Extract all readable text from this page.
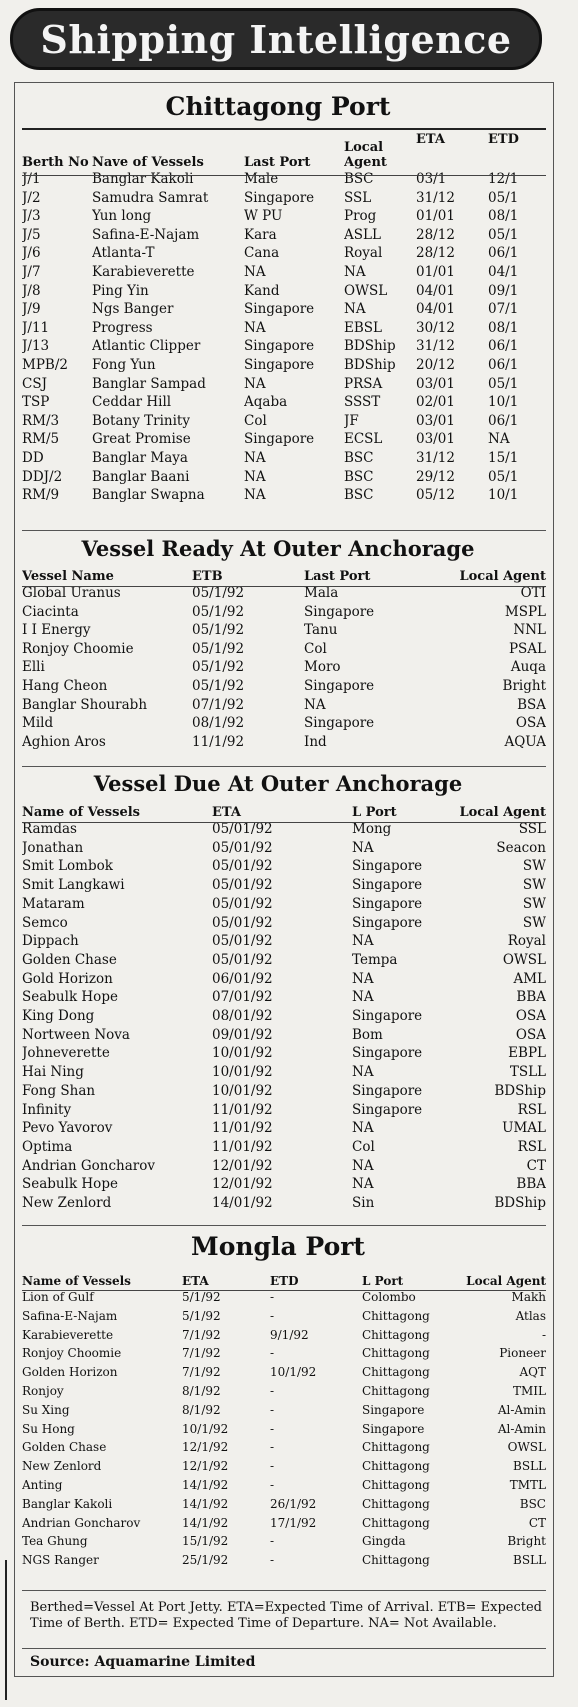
Shipping Intelligence
Chittagong Port
Berth No	Nave of Vessels	Last Port	Local Agent	ETA	ETD
J/1	Banglar Kakoli	Male	BSC	03/1	12/1
J/2	Samudra Samrat	Singapore	SSL	31/12	05/1
J/3	Yun long	W PU	Prog	01/01	08/1
J/5	Safina-E-Najam	Kara	ASLL	28/12	05/1
J/6	Atlanta-T	Cana	Royal	28/12	06/1
J/7	Karabieverette	NA	NA	01/01	04/1
J/8	Ping Yin	Kand	OWSL	04/01	09/1
J/9	Ngs Banger	Singapore	NA	04/01	07/1
J/11	Progress	NA	EBSL	30/12	08/1
J/13	Atlantic Clipper	Singapore	BDShip	31/12	06/1
MPB/2	Fong Yun	Singapore	BDShip	20/12	06/1
CSJ	Banglar Sampad	NA	PRSA	03/01	05/1
TSP	Ceddar Hill	Aqaba	SSST	02/01	10/1
RM/3	Botany Trinity	Col	JF	03/01	06/1
RM/5	Great Promise	Singapore	ECSL	03/01	NA
DD	Banglar Maya	NA	BSC	31/12	15/1
DDJ/2	Banglar Baani	NA	BSC	29/12	05/1
RM/9	Banglar Swapna	NA	BSC	05/12	10/1
Vessel Ready At Outer Anchorage
Vessel Name	ETB	Last Port	Local Agent
Global Uranus	05/1/92	Mala	OTI
Ciacinta	05/1/92	Singapore	MSPL
I I Energy	05/1/92	Tanu	NNL
Ronjoy Choomie	05/1/92	Col	PSAL
Elli	05/1/92	Moro	Auqa
Hang Cheon	05/1/92	Singapore	Bright
Banglar Shourabh	07/1/92	NA	BSA
Mild	08/1/92	Singapore	OSA
Aghion Aros	11/1/92	Ind	AQUA
Vessel Due At Outer Anchorage
Name of Vessels	ETA	L Port	Local Agent
Ramdas	05/01/92	Mong	SSL
Jonathan	05/01/92	NA	Seacon
Smit Lombok	05/01/92	Singapore	SW
Smit Langkawi	05/01/92	Singapore	SW
Mataram	05/01/92	Singapore	SW
Semco	05/01/92	Singapore	SW
Dippach	05/01/92	NA	Royal
Golden Chase	05/01/92	Tempa	OWSL
Gold Horizon	06/01/92	NA	AML
Seabulk Hope	07/01/92	NA	BBA
King Dong	08/01/92	Singapore	OSA
Nortween Nova	09/01/92	Bom	OSA
Johneverette	10/01/92	Singapore	EBPL
Hai Ning	10/01/92	NA	TSLL
Fong Shan	10/01/92	Singapore	BDShip
Infinity	11/01/92	Singapore	RSL
Pevo Yavorov	11/01/92	NA	UMAL
Optima	11/01/92	Col	RSL
Andrian Goncharov	12/01/92	NA	CT
Seabulk Hope	12/01/92	NA	BBA
New Zenlord	14/01/92	Sin	BDShip
Mongla Port
Name of Vessels	ETA	ETD	L Port	Local Agent
Lion of Gulf	5/1/92	-	Colombo	Makh
Safina-E-Najam	5/1/92	-	Chittagong	Atlas
Karabieverette	7/1/92	9/1/92	Chittagong	-
Ronjoy Choomie	7/1/92	-	Chittagong	Pioneer
Golden Horizon	7/1/92	10/1/92	Chittagong	AQT
Ronjoy	8/1/92	-	Chittagong	TMIL
Su Xing	8/1/92	-	Singapore	Al-Amin
Su Hong	10/1/92	-	Singapore	Al-Amin
Golden Chase	12/1/92	-	Chittagong	OWSL
New Zenlord	12/1/92	-	Chittagong	BSLL
Anting	14/1/92	-	Chittagong	TMTL
Banglar Kakoli	14/1/92	26/1/92	Chittagong	BSC
Andrian Goncharov	14/1/92	17/1/92	Chittagong	CT
Tea Ghung	15/1/92	-	Gingda	Bright
NGS Ranger	25/1/92	-	Chittagong	BSLL
Berthed=Vessel At Port Jetty. ETA=Expected Time of Arrival. ETB= Expected Time of Berth. ETD= Expected Time of Departure. NA= Not Available.
Source: Aquamarine Limited
